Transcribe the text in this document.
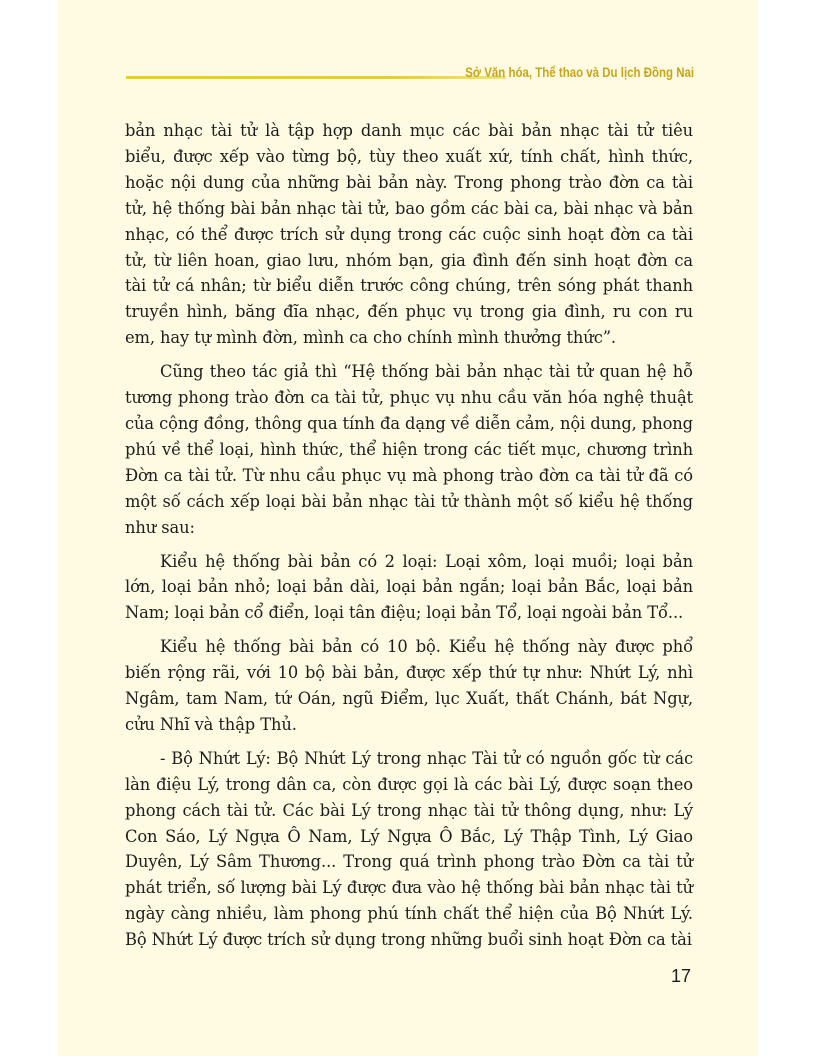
Sở Văn hóa, Thể thao và Du lịch Đồng Nai

bản nhạc tài tử là tập hợp danh mục các bài bản nhạc tài tử tiêu biểu, được xếp vào từng bộ, tùy theo xuất xứ, tính chất, hình thức, hoặc nội dung của những bài bản này. Trong phong trào đờn ca tài tử, hệ thống bài bản nhạc tài tử, bao gồm các bài ca, bài nhạc và bản nhạc, có thể được trích sử dụng trong các cuộc sinh hoạt đờn ca tài tử, từ liên hoan, giao lưu, nhóm bạn, gia đình đến sinh hoạt đờn ca tài tử cá nhân; từ biểu diễn trước công chúng, trên sóng phát thanh truyền hình, băng đĩa nhạc, đến phục vụ trong gia đình, ru con ru em, hay tự mình đờn, mình ca cho chính mình thưởng thức”.

Cũng theo tác giả thì “Hệ thống bài bản nhạc tài tử quan hệ hỗ tương phong trào đờn ca tài tử, phục vụ nhu cầu văn hóa nghệ thuật của cộng đồng, thông qua tính đa dạng về diễn cảm, nội dung, phong phú về thể loại, hình thức, thể hiện trong các tiết mục, chương trình Đờn ca tài tử. Từ nhu cầu phục vụ mà phong trào đờn ca tài tử đã có một số cách xếp loại bài bản nhạc tài tử thành một số kiểu hệ thống như sau:

Kiểu hệ thống bài bản có 2 loại: Loại xôm, loại muồi; loại bản lớn, loại bản nhỏ; loại bản dài, loại bản ngắn; loại bản Bắc, loại bản Nam; loại bản cổ điển, loại tân điệu; loại bản Tổ, loại ngoài bản Tổ...

Kiểu hệ thống bài bản có 10 bộ. Kiểu hệ thống này được phổ biến rộng rãi, với 10 bộ bài bản, được xếp thứ tự như: Nhứt Lý, nhì Ngâm, tam Nam, tứ Oán, ngũ Điểm, lục Xuất, thất Chánh, bát Ngự, cửu Nhĩ và thập Thủ.

- Bộ Nhứt Lý: Bộ Nhứt Lý trong nhạc Tài tử có nguồn gốc từ các làn điệu Lý, trong dân ca, còn được gọi là các bài Lý, được soạn theo phong cách tài tử. Các bài Lý trong nhạc tài tử thông dụng, như: Lý Con Sáo, Lý Ngựa Ô Nam, Lý Ngựa Ô Bắc, Lý Thập Tình, Lý Giao Duyên, Lý Sâm Thương... Trong quá trình phong trào Đờn ca tài tử phát triển, số lượng bài Lý được đưa vào hệ thống bài bản nhạc tài tử ngày càng nhiều, làm phong phú tính chất thể hiện của Bộ Nhứt Lý. Bộ Nhứt Lý được trích sử dụng trong những buổi sinh hoạt Đờn ca tài

17
